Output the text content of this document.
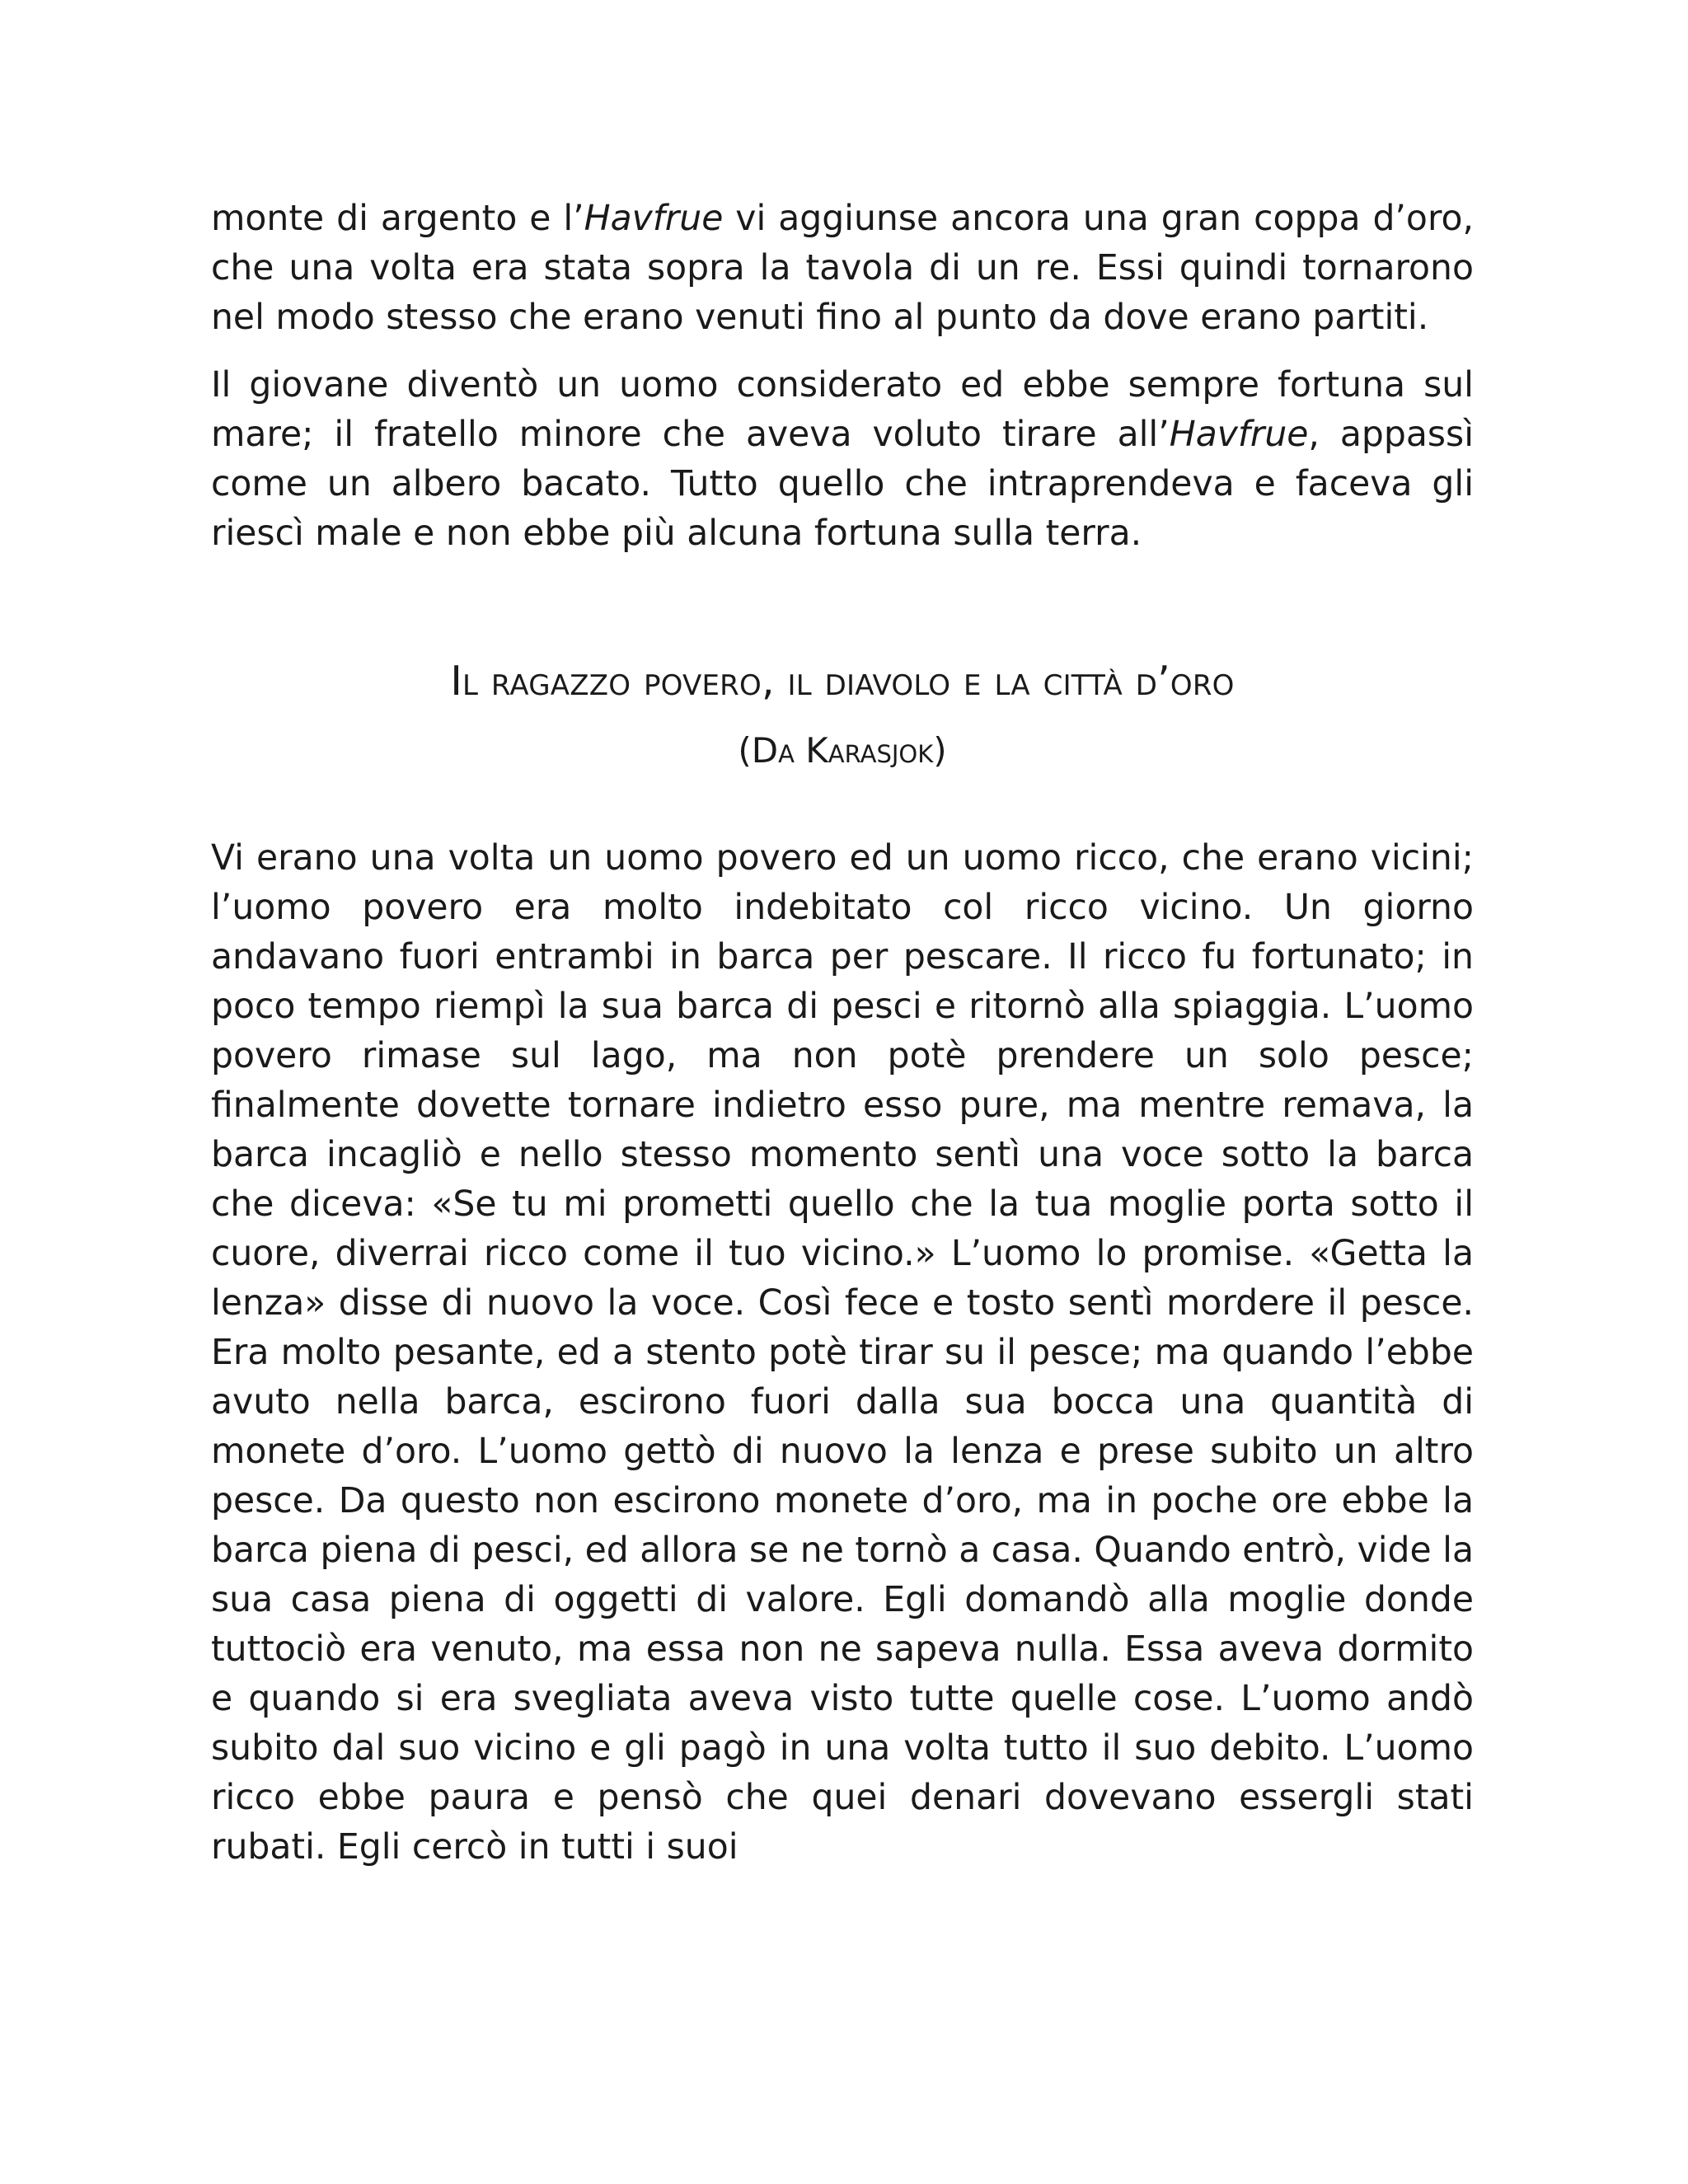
monte di argento e l’Havfrue vi aggiunse ancora una gran coppa d’oro, che una volta era stata sopra la tavola di un re. Essi quindi tornarono nel modo stesso che erano venuti fino al punto da dove erano partiti.

Il giovane diventò un uomo considerato ed ebbe sempre fortuna sul mare; il fratello minore che aveva voluto tirare all’Havfrue, appassì come un albero bacato. Tutto quello che intraprendeva e faceva gli riescì male e non ebbe più alcuna fortuna sulla terra.

Il ragazzo povero, il diavolo e la città d’oro
(Da Karasjok)

Vi erano una volta un uomo povero ed un uomo ricco, che erano vicini; l’uomo povero era molto indebitato col ricco vicino. Un giorno andavano fuori entrambi in barca per pescare. Il ricco fu fortunato; in poco tempo riempì la sua barca di pesci e ritornò alla spiaggia. L’uomo povero rimase sul lago, ma non potè prendere un solo pesce; finalmente dovette tornare indietro esso pure, ma mentre remava, la barca incagliò e nello stesso momento sentì una voce sotto la barca che diceva: «Se tu mi prometti quello che la tua moglie porta sotto il cuore, diverrai ricco come il tuo vicino.» L’uomo lo promise. «Getta la lenza» disse di nuovo la voce. Così fece e tosto sentì mordere il pesce. Era molto pesante, ed a stento potè tirar su il pesce; ma quando l’ebbe avuto nella barca, escirono fuori dalla sua bocca una quantità di monete d’oro. L’uomo gettò di nuovo la lenza e prese subito un altro pesce. Da questo non escirono monete d’oro, ma in poche ore ebbe la barca piena di pesci, ed allora se ne tornò a casa. Quando entrò, vide la sua casa piena di oggetti di valore. Egli domandò alla moglie donde tuttociò era venuto, ma essa non ne sapeva nulla. Essa aveva dormito e quando si era svegliata aveva visto tutte quelle cose. L’uomo andò subito dal suo vicino e gli pagò in una volta tutto il suo debito. L’uomo ricco ebbe paura e pensò che quei denari dovevano essergli stati rubati. Egli cercò in tutti i suoi
